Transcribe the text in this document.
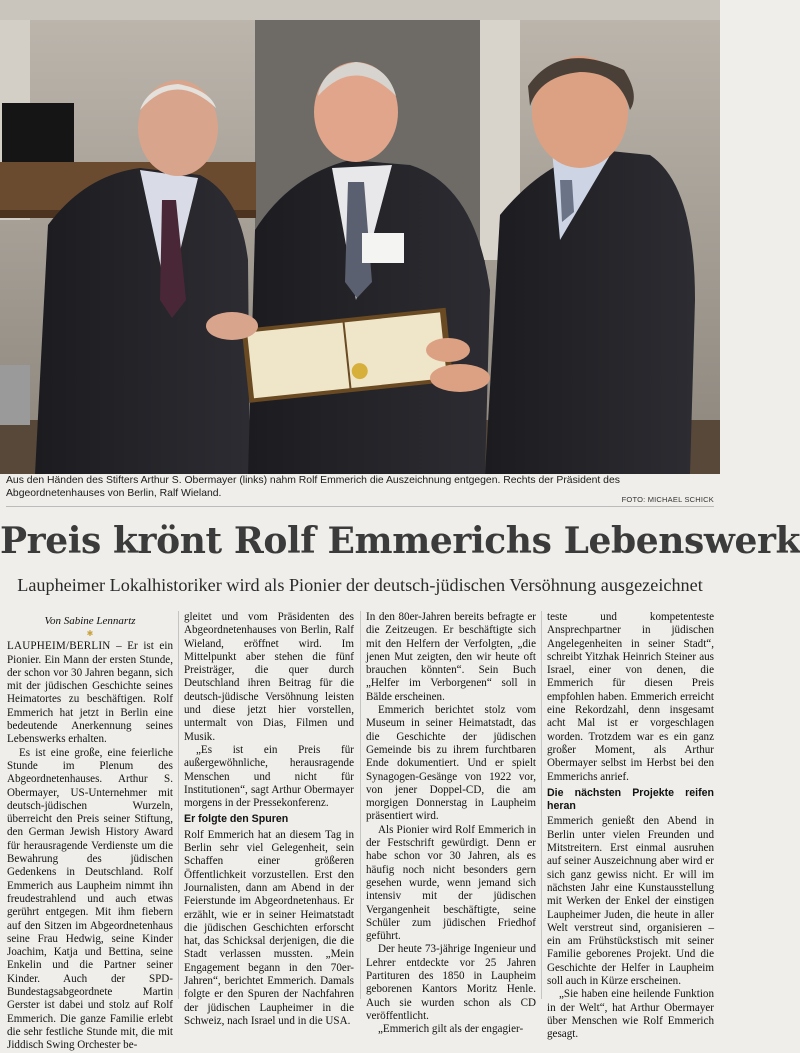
Aus den Händen des Stifters Arthur S. Obermayer (links) nahm Rolf Emmerich die Auszeichnung entgegen. Rechts der Präsident des Abgeordnetenhauses von Berlin, Ralf Wieland.
FOTO: MICHAEL SCHICK
Preis krönt Rolf Emmerichs Lebenswerk
Laupheimer Lokalhistoriker wird als Pionier der deutsch-jüdischen Versöhnung ausgezeichnet
Von Sabine Lennartz
✱

LAUPHEIM/BERLIN – Er ist ein Pionier. Ein Mann der ersten Stunde, der schon vor 30 Jahren begann, sich mit der jüdischen Geschichte seines Heimatortes zu beschäftigen. Rolf Emmerich hat jetzt in Berlin eine bedeutende Anerkennung seines Lebenswerks erhalten.

Es ist eine große, eine feierliche Stunde im Plenum des Abgeordnetenhauses. Arthur S. Obermayer, US-Unternehmer mit deutsch-jüdischen Wurzeln, überreicht den Preis seiner Stiftung, den German Jewish History Award für herausragende Verdienste um die Bewahrung des jüdischen Gedenkens in Deutschland. Rolf Emmerich aus Laupheim nimmt ihn freudestrahlend und auch etwas gerührt entgegen. Mit ihm fiebern auf den Sitzen im Abgeordnetenhaus seine Frau Hedwig, seine Kinder Joachim, Katja und Bettina, seine Enkelin und die Partner seiner Kinder. Auch der SPD-Bundestagsabgeordnete Martin Gerster ist dabei und stolz auf Rolf Emmerich. Die ganze Familie erlebt die sehr festliche Stunde mit, die mit Jiddisch Swing Orchester be-

gleitet und vom Präsidenten des Abgeordnetenhauses von Berlin, Ralf Wieland, eröffnet wird. Im Mittelpunkt aber stehen die fünf Preisträger, die quer durch Deutschland ihren Beitrag für die deutsch-jüdische Versöhnung leisten und diese jetzt hier vorstellen, untermalt von Dias, Filmen und Musik.

„Es ist ein Preis für außergewöhnliche, herausragende Menschen und nicht für Institutionen“, sagt Arthur Obermayer morgens in der Pressekonferenz.

Er folgte den Spuren

Rolf Emmerich hat an diesem Tag in Berlin sehr viel Gelegenheit, sein Schaffen einer größeren Öffentlichkeit vorzustellen. Erst den Journalisten, dann am Abend in der Feierstunde im Abgeordnetenhaus. Er erzählt, wie er in seiner Heimatstadt die jüdischen Geschichten erforscht hat, das Schicksal derjenigen, die die Stadt verlassen mussten. „Mein Engagement begann in den 70er-Jahren“, berichtet Emmerich. Damals folgte er den Spuren der Nachfahren der jüdischen Laupheimer in die Schweiz, nach Israel und in die USA.

In den 80er-Jahren bereits befragte er die Zeitzeugen. Er beschäftigte sich mit den Helfern der Verfolgten, „die jenen Mut zeigten, den wir heute oft brauchen könnten“. Sein Buch „Helfer im Verborgenen“ soll in Bälde erscheinen.

Emmerich berichtet stolz vom Museum in seiner Heimatstadt, das die Geschichte der jüdischen Gemeinde bis zu ihrem furchtbaren Ende dokumentiert. Und er spielt Synagogen-Gesänge von 1922 vor, von jener Doppel-CD, die am morgigen Donnerstag in Laupheim präsentiert wird.

Als Pionier wird Rolf Emmerich in der Festschrift gewürdigt. Denn er habe schon vor 30 Jahren, als es häufig noch nicht besonders gern gesehen wurde, wenn jemand sich intensiv mit der jüdischen Vergangenheit beschäftigte, seine Schüler zum jüdischen Friedhof geführt.

Der heute 73-jährige Ingenieur und Lehrer entdeckte vor 25 Jahren Partituren des 1850 in Laupheim geborenen Kantors Moritz Henle. Auch sie wurden schon als CD veröffentlicht.

„Emmerich gilt als der engagier-

teste und kompetenteste Ansprechpartner in jüdischen Angelegenheiten in seiner Stadt“, schreibt Yitzhak Heinrich Steiner aus Israel, einer von denen, die Emmerich für diesen Preis empfohlen haben. Emmerich erreicht eine Rekordzahl, denn insgesamt acht Mal ist er vorgeschlagen worden. Trotzdem war es ein ganz großer Moment, als Arthur Obermayer selbst im Herbst bei den Emmerichs anrief.

Die nächsten Projekte reifen heran

Emmerich genießt den Abend in Berlin unter vielen Freunden und Mitstreitern. Erst einmal ausruhen auf seiner Auszeichnung aber wird er sich ganz gewiss nicht. Er will im nächsten Jahr eine Kunstausstellung mit Werken der Enkel der einstigen Laupheimer Juden, die heute in aller Welt verstreut sind, organisieren – ein am Frühstückstisch mit seiner Familie geborenes Projekt. Und die Geschichte der Helfer in Laupheim soll auch in Kürze erscheinen.

„Sie haben eine heilende Funktion in der Welt“, hat Arthur Obermayer über Menschen wie Rolf Emmerich gesagt.
